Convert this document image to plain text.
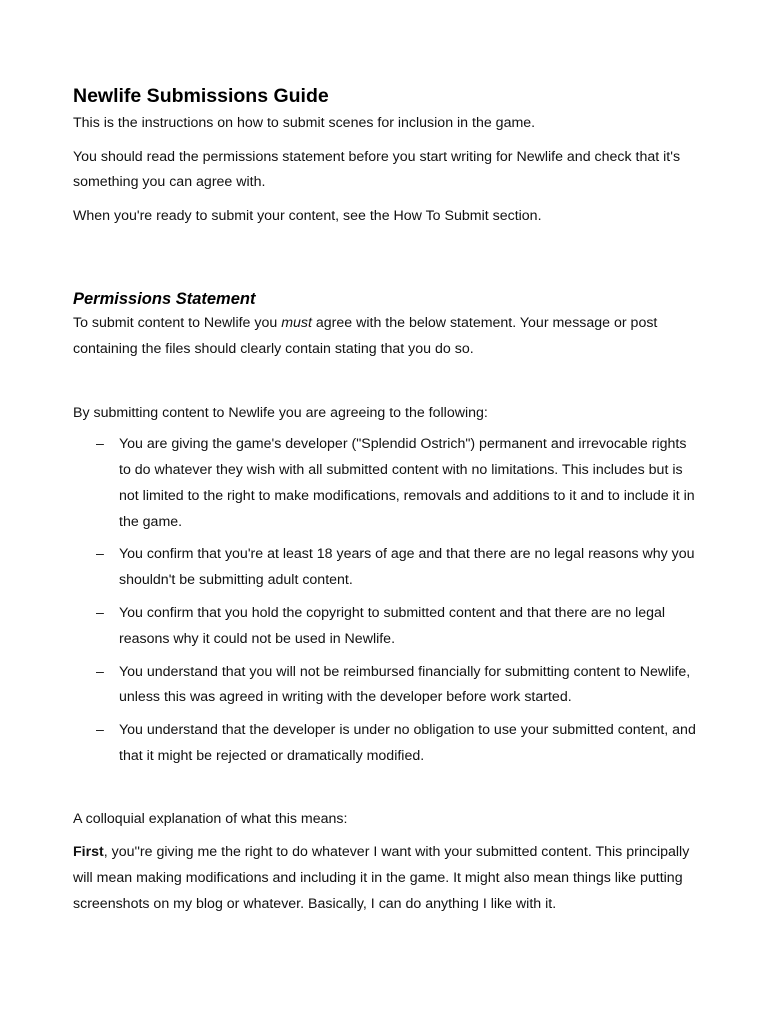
Newlife Submissions Guide

This is the instructions on how to submit scenes for inclusion in the game.

You should read the permissions statement before you start writing for Newlife and check that it's something you can agree with.

When you're ready to submit your content, see the How To Submit section.

Permissions Statement

To submit content to Newlife you must agree with the below statement. Your message or post containing the files should clearly contain stating that you do so.

By submitting content to Newlife you are agreeing to the following:

– You are giving the game's developer ("Splendid Ostrich") permanent and irrevocable rights to do whatever they wish with all submitted content with no limitations. This includes but is not limited to the right to make modifications, removals and additions to it and to include it in the game.
– You confirm that you're at least 18 years of age and that there are no legal reasons why you shouldn't be submitting adult content.
– You confirm that you hold the copyright to submitted content and that there are no legal reasons why it could not be used in Newlife.
– You understand that you will not be reimbursed financially for submitting content to Newlife, unless this was agreed in writing with the developer before work started.
– You understand that the developer is under no obligation to use your submitted content, and that it might be rejected or dramatically modified.

A colloquial explanation of what this means:

First, you''re giving me the right to do whatever I want with your submitted content. This principally will mean making modifications and including it in the game. It might also mean things like putting screenshots on my blog or whatever. Basically, I can do anything I like with it.
